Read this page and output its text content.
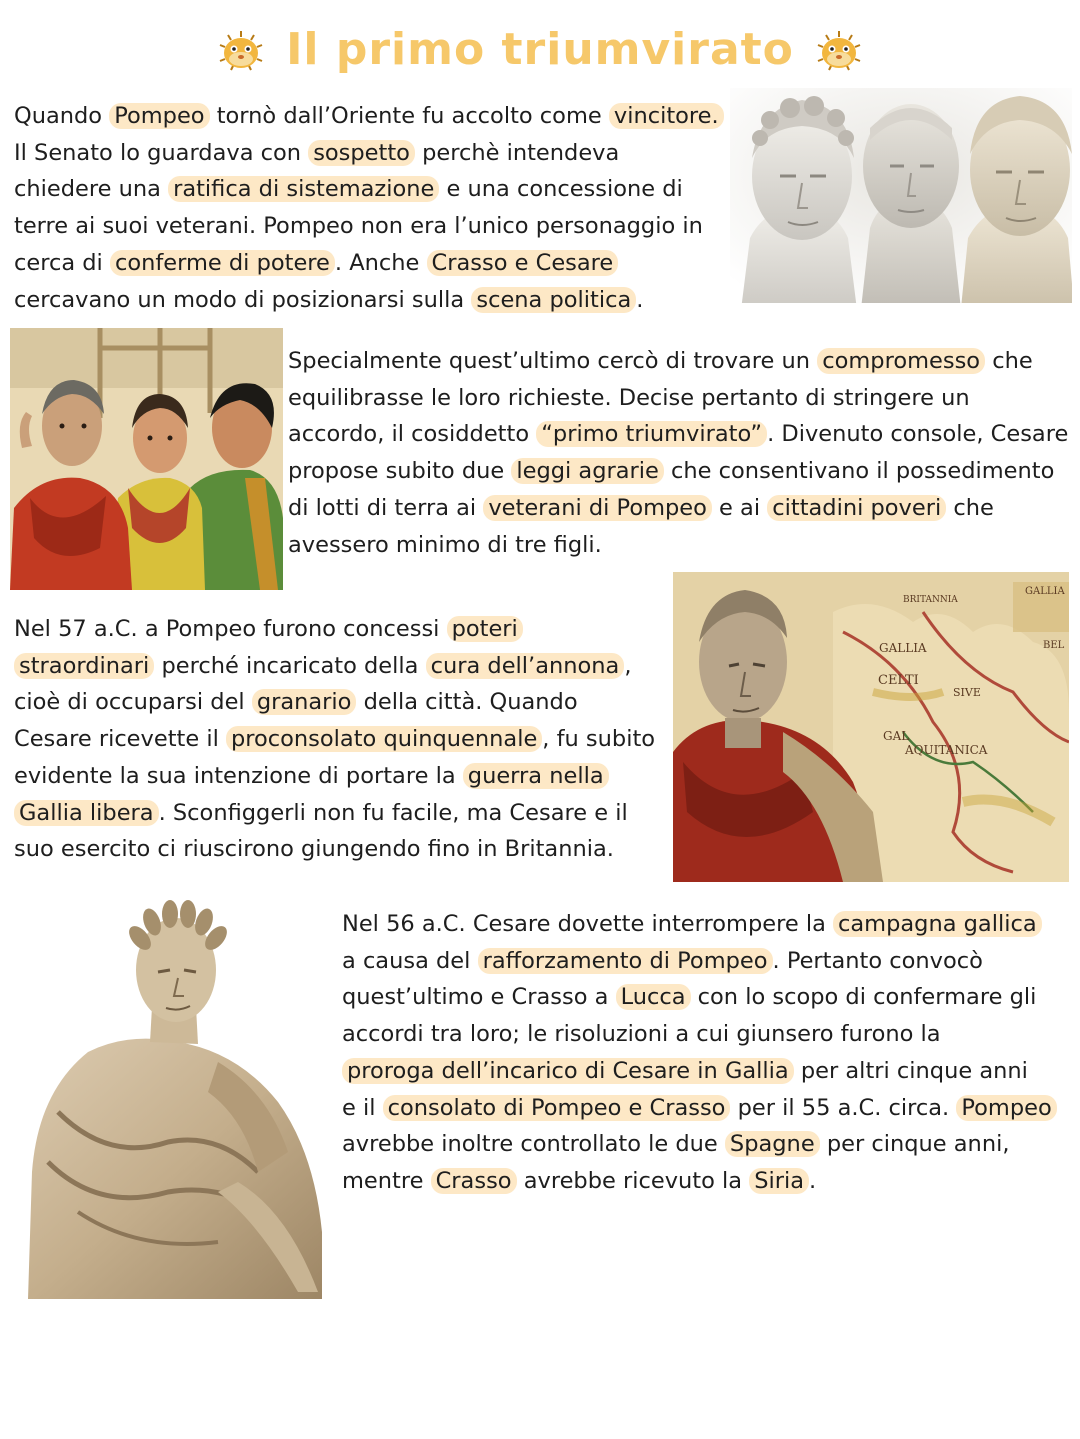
Il primo triumvirato
Quando Pompeo tornò dall’Oriente fu accolto come vincitore.
Il Senato lo guardava con sospetto perchè intendeva
chiedere una ratifica di sistemazione e una concessione di
terre ai suoi veterani. Pompeo non era l’unico personaggio in
cerca di conferme di potere . Anche Crasso e Cesare
cercavano un modo di posizionarsi sulla scena politica .
Specialmente quest’ultimo cercò di trovare un compromesso che
equilibrasse le loro richieste. Decise pertanto di stringere un
accordo, il cosiddetto “primo triumvirato” . Divenuto console, Cesare
propose subito due leggi agrarie che consentivano il possedimento
di lotti di terra ai veterani di Pompeo e ai cittadini poveri che
avessero minimo di tre figli.
GALLIA
CELTI
AQUITANICA
GAL
SIVE
BEL
GALLIA
BRITANNIA
Nel 57 a.C. a Pompeo furono concessi poteri
straordinari perché incaricato della cura dell’annona ,
cioè di occuparsi del granario della città. Quando
Cesare ricevette il proconsolato quinquennale , fu subito
evidente la sua intenzione di portare la guerra nella
Gallia libera . Sconfiggerli non fu facile, ma Cesare e il
suo esercito ci riuscirono giungendo fino in Britannia.
Nel 56 a.C. Cesare dovette interrompere la campagna gallica
a causa del rafforzamento di Pompeo . Pertanto convocò
quest’ultimo e Crasso a Lucca con lo scopo di confermare gli
accordi tra loro; le risoluzioni a cui giunsero furono la
proroga dell’incarico di Cesare in Gallia per altri cinque anni
e il consolato di Pompeo e Crasso per il 55 a.C. circa. Pompeo
avrebbe inoltre controllato le due Spagne per cinque anni,
mentre Crasso avrebbe ricevuto la Siria .
